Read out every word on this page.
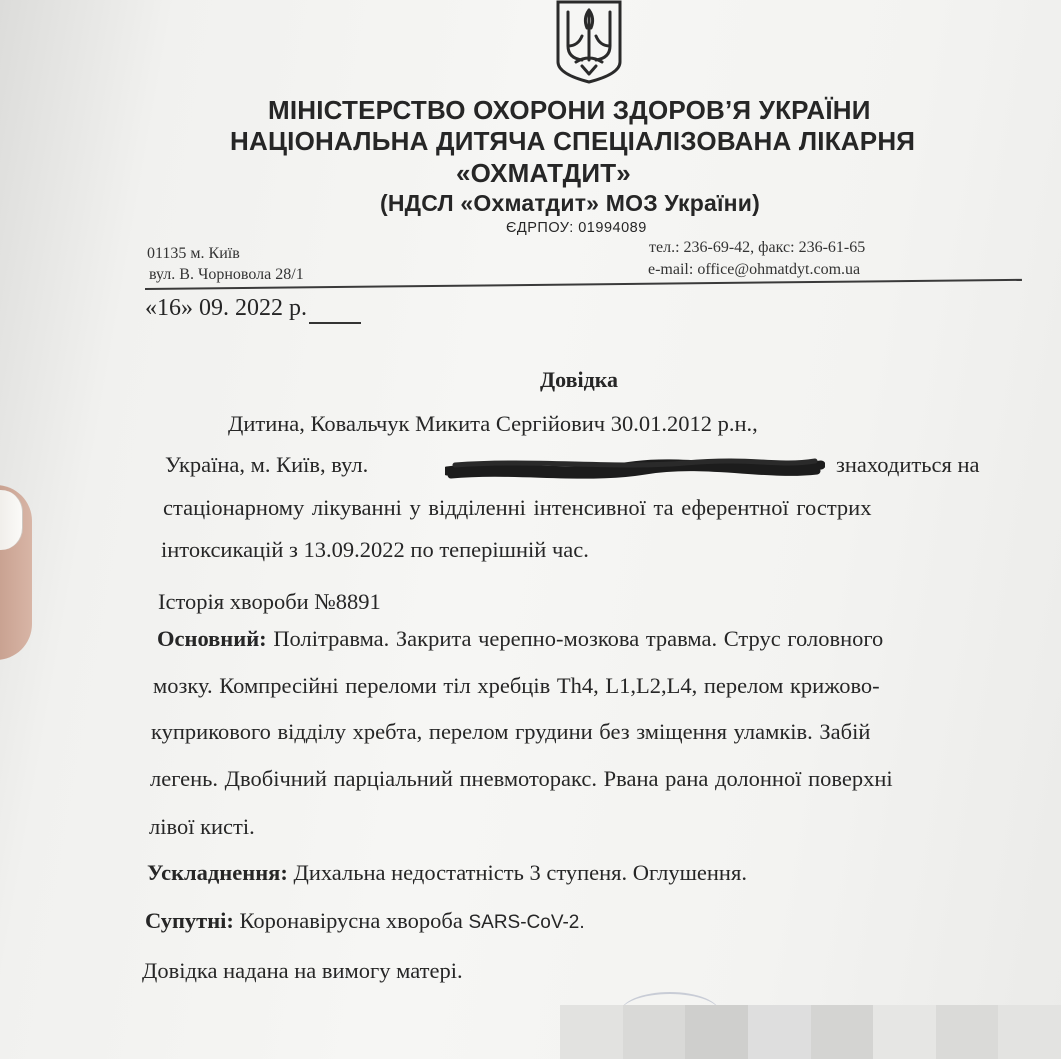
МІНІСТЕРСТВО ОХОРОНИ ЗДОРОВ’Я УКРАЇНИ
НАЦІОНАЛЬНА ДИТЯЧА СПЕЦІАЛІЗОВАНА ЛІКАРНЯ
«ОХМАТДИТ»
(НДСЛ «Охматдит» МОЗ України)
ЄДРПОУ: 01994089
01135 м. Київ
вул. В. Чорновола 28/1
тел.: 236-69-42, факс: 236-61-65
e-mail: office@ohmatdyt.com.ua
«16» 09. 2022 р.
Довідка
Дитина, Ковальчук Микита Сергійович 30.01.2012 р.н.,
Україна, м. Київ, вул.	знаходиться на
стаціонарному лікуванні у відділенні інтенсивної та еферентної гострих
інтоксикацій з 13.09.2022 по теперішній час.
Історія хвороби №8891
Основний: Політравма. Закрита черепно-мозкова травма. Струс головного
мозку. Компресійні переломи тіл хребців Th4, L1,L2,L4, перелом крижово-
куприкового відділу хребта, перелом грудини без зміщення уламків. Забій
легень. Двобічний парціальний пневмоторакс. Рвана рана долонної поверхні
лівої кисті.
Ускладнення: Дихальна недостатність 3 ступеня. Оглушення.
Супутні: Коронавірусна хвороба SARS-CoV-2.
Довідка надана на вимогу матері.
